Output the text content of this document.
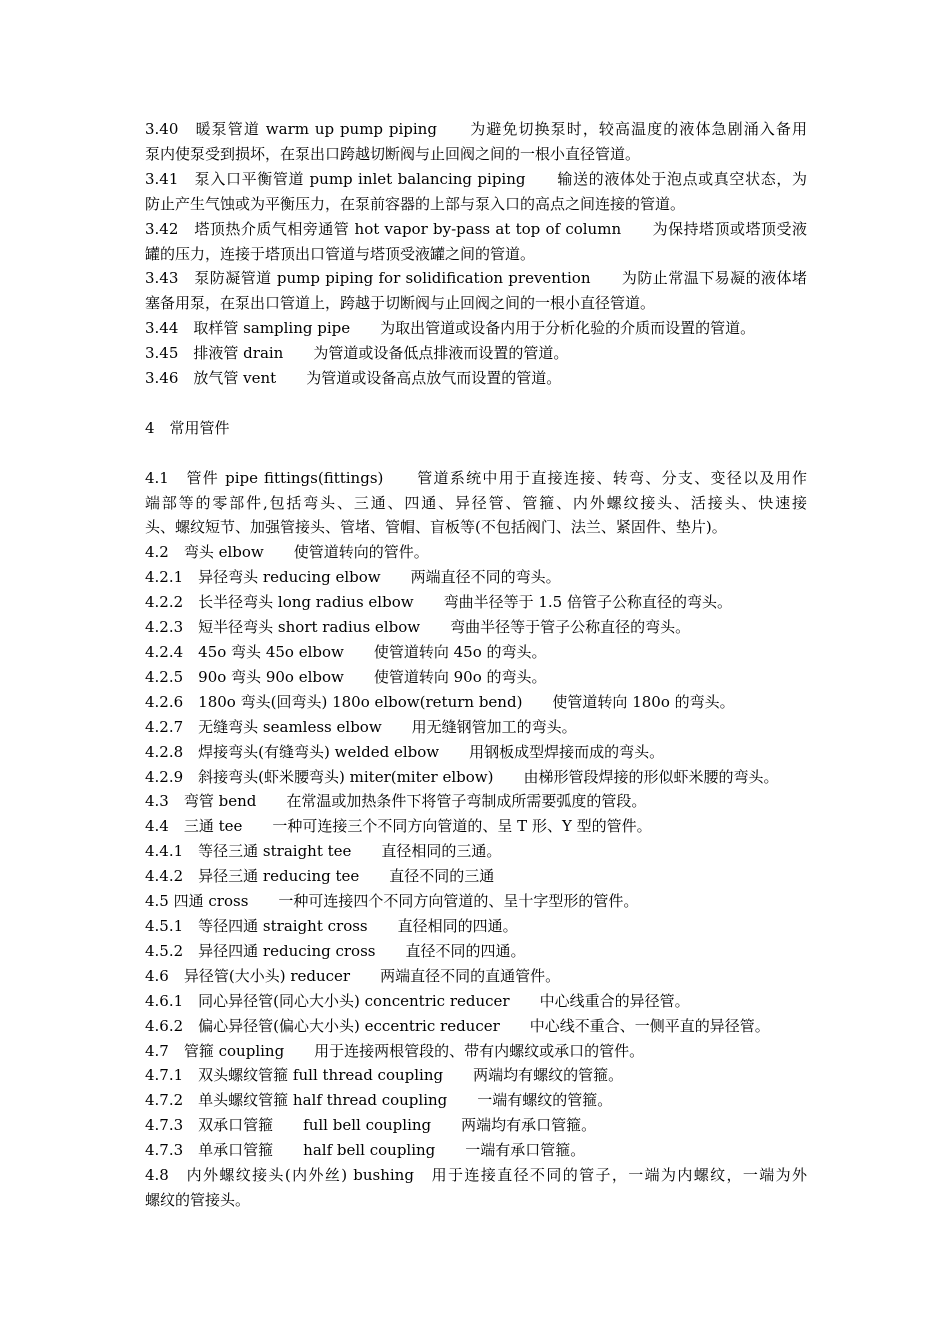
3.40　暖泵管道 warm up pump piping　　为避免切换泵时，较高温度的液体急剧涌入备用
泵内使泵受到损坏，在泵出口跨越切断阀与止回阀之间的一根小直径管道。
3.41　泵入口平衡管道 pump inlet balancing piping　　输送的液体处于泡点或真空状态，为
防止产生气蚀或为平衡压力，在泵前容器的上部与泵入口的高点之间连接的管道。
3.42　塔顶热介质气相旁通管 hot vapor by-pass at top of column　　为保持塔顶或塔顶受液
罐的压力，连接于塔顶出口管道与塔顶受液罐之间的管道。
3.43　泵防凝管道 pump piping for solidification prevention　　为防止常温下易凝的液体堵
塞备用泵，在泵出口管道上，跨越于切断阀与止回阀之间的一根小直径管道。
3.44　取样管 sampling pipe　　为取出管道或设备内用于分析化验的介质而设置的管道。
3.45　排液管 drain　　为管道或设备低点排液而设置的管道。
3.46　放气管 vent　　为管道或设备高点放气而设置的管道。
4　常用管件
4.1　管件 pipe fittings(fittings)　　管道系统中用于直接连接、转弯、分支、变径以及用作
端部等的零部件,包括弯头、三通、四通、异径管、管箍、内外螺纹接头、活接头、快速接
头、螺纹短节、加强管接头、管堵、管帽、盲板等(不包括阀门、法兰、紧固件、垫片)。
4.2　弯头 elbow　　使管道转向的管件。
4.2.1　异径弯头 reducing elbow　　两端直径不同的弯头。
4.2.2　长半径弯头 long radius elbow　　弯曲半径等于 1.5 倍管子公称直径的弯头。
4.2.3　短半径弯头 short radius elbow　　弯曲半径等于管子公称直径的弯头。
4.2.4　45o 弯头 45o elbow　　使管道转向 45o 的弯头。
4.2.5　90o 弯头 90o elbow　　使管道转向 90o 的弯头。
4.2.6　180o 弯头(回弯头) 180o elbow(return bend)　　使管道转向 180o 的弯头。
4.2.7　无缝弯头 seamless elbow　　用无缝钢管加工的弯头。
4.2.8　焊接弯头(有缝弯头) welded elbow　　用钢板成型焊接而成的弯头。
4.2.9　斜接弯头(虾米腰弯头) miter(miter elbow)　　由梯形管段焊接的形似虾米腰的弯头。
4.3　弯管 bend　　在常温或加热条件下将管子弯制成所需要弧度的管段。
4.4　三通 tee　　一种可连接三个不同方向管道的、呈 T 形、Y 型的管件。
4.4.1　等径三通 straight tee　　直径相同的三通。
4.4.2　异径三通 reducing tee　　直径不同的三通
4.5 四通 cross　　一种可连接四个不同方向管道的、呈十字型形的管件。
4.5.1　等径四通 straight cross　　直径相同的四通。
4.5.2　异径四通 reducing cross　　直径不同的四通。
4.6　异径管(大小头) reducer　　两端直径不同的直通管件。
4.6.1　同心异径管(同心大小头) concentric reducer　　中心线重合的异径管。
4.6.2　偏心异径管(偏心大小头) eccentric reducer　　中心线不重合、一侧平直的异径管。
4.7　管箍 coupling　　用于连接两根管段的、带有内螺纹或承口的管件。
4.7.1　双头螺纹管箍 full thread coupling　　两端均有螺纹的管箍。
4.7.2　单头螺纹管箍 half thread coupling　　一端有螺纹的管箍。
4.7.3　双承口管箍　　full bell coupling　　两端均有承口管箍。
4.7.3　单承口管箍　　half bell coupling　　一端有承口管箍。
4.8　内外螺纹接头(内外丝) bushing　用于连接直径不同的管子，一端为内螺纹，一端为外
螺纹的管接头。
